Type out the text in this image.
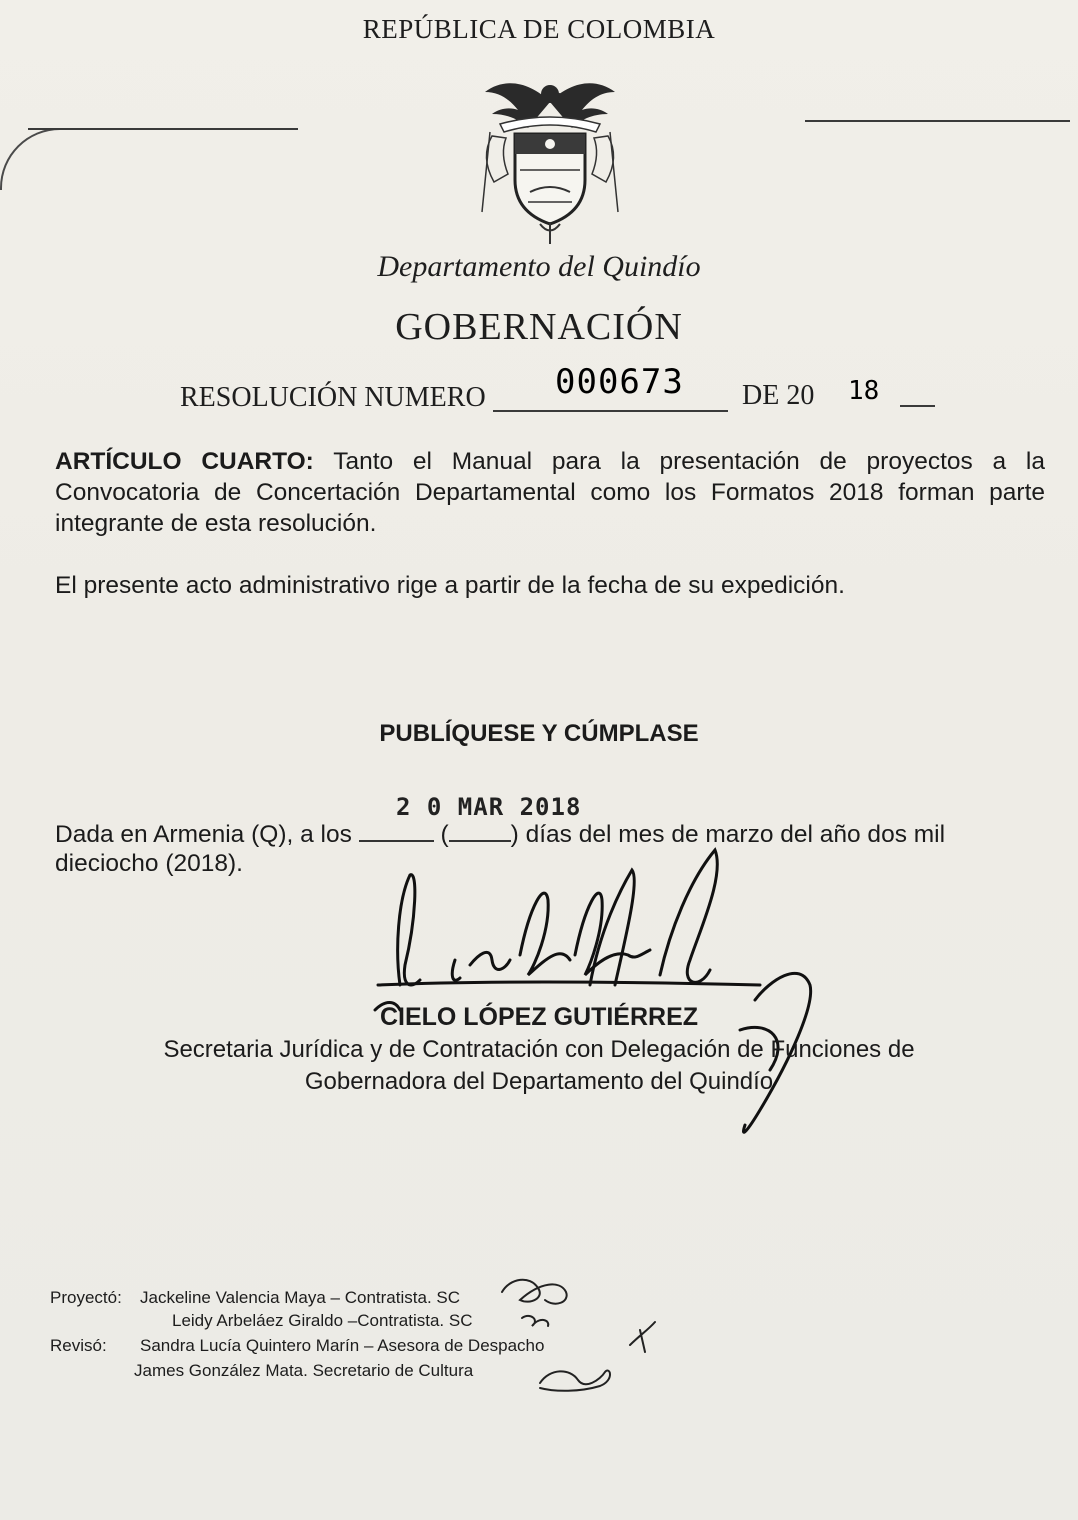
REPÚBLICA DE COLOMBIA
Departamento del Quindío
GOBERNACIÓN
RESOLUCIÓN NUMERO 000673 DE 20 18
ARTÍCULO CUARTO: Tanto el Manual para la presentación de proyectos a la Convocatoria de Concertación Departamental como los Formatos 2018 forman parte integrante de esta resolución.
El presente acto administrativo rige a partir de la fecha de su expedición.
PUBLÍQUESE Y CÚMPLASE
2 0 MAR 2018
Dada en Armenia (Q), a los	(	) días del mes de marzo del año dos mil
dieciocho (2018).
CIELO LÓPEZ GUTIÉRREZ
Secretaria Jurídica y de Contratación con Delegación de Funciones de
Gobernadora del Departamento del Quindío
Proyectó: Jackeline Valencia Maya – Contratista. SC
Leidy Arbeláez Giraldo –Contratista. SC
Revisó: Sandra Lucía Quintero Marín – Asesora de Despacho
James González Mata. Secretario de Cultura
